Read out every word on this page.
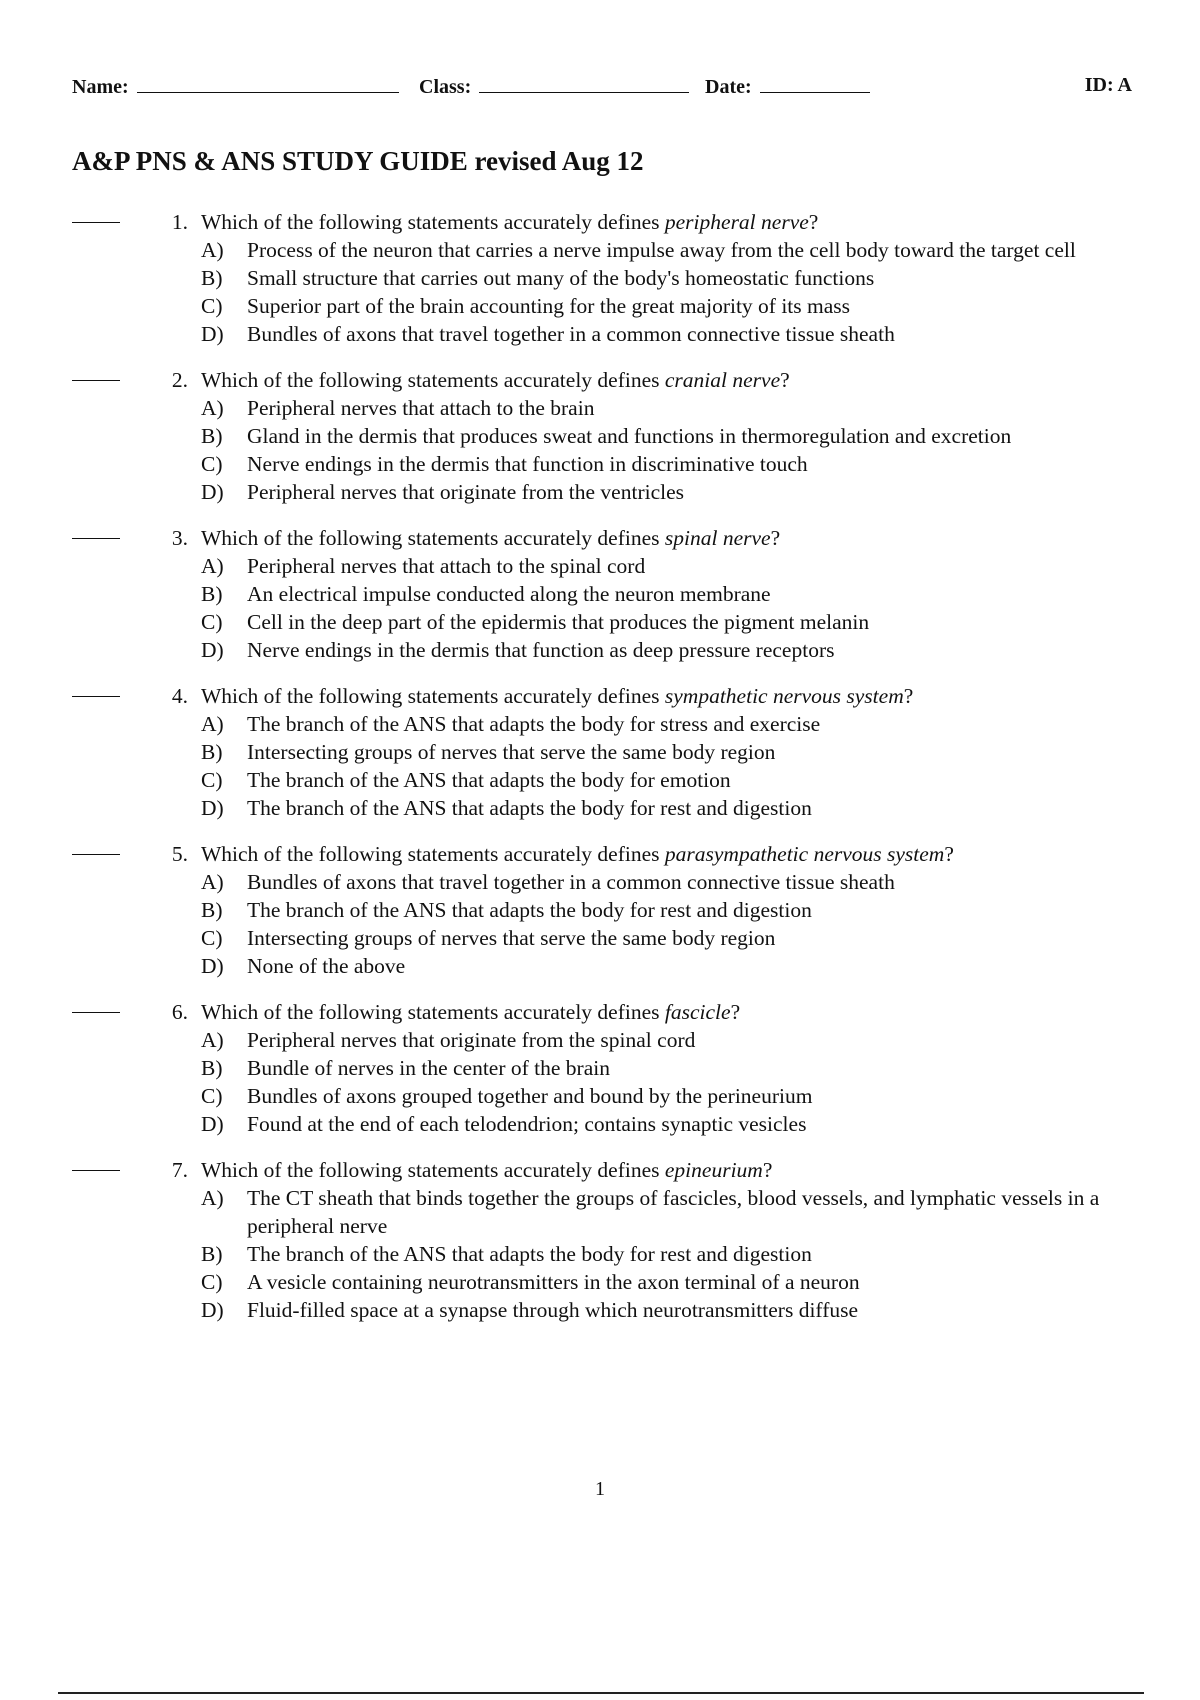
Name:	Class:	Date:	ID: A
A&P PNS & ANS STUDY GUIDE revised Aug 12
1. Which of the following statements accurately defines peripheral nerve?
A) Process of the neuron that carries a nerve impulse away from the cell body toward the target cell
B) Small structure that carries out many of the body's homeostatic functions
C) Superior part of the brain accounting for the great majority of its mass
D) Bundles of axons that travel together in a common connective tissue sheath
2. Which of the following statements accurately defines cranial nerve?
A) Peripheral nerves that attach to the brain
B) Gland in the dermis that produces sweat and functions in thermoregulation and excretion
C) Nerve endings in the dermis that function in discriminative touch
D) Peripheral nerves that originate from the ventricles
3. Which of the following statements accurately defines spinal nerve?
A) Peripheral nerves that attach to the spinal cord
B) An electrical impulse conducted along the neuron membrane
C) Cell in the deep part of the epidermis that produces the pigment melanin
D) Nerve endings in the dermis that function as deep pressure receptors
4. Which of the following statements accurately defines sympathetic nervous system?
A) The branch of the ANS that adapts the body for stress and exercise
B) Intersecting groups of nerves that serve the same body region
C) The branch of the ANS that adapts the body for emotion
D) The branch of the ANS that adapts the body for rest and digestion
5. Which of the following statements accurately defines parasympathetic nervous system?
A) Bundles of axons that travel together in a common connective tissue sheath
B) The branch of the ANS that adapts the body for rest and digestion
C) Intersecting groups of nerves that serve the same body region
D) None of the above
6. Which of the following statements accurately defines fascicle?
A) Peripheral nerves that originate from the spinal cord
B) Bundle of nerves in the center of the brain
C) Bundles of axons grouped together and bound by the perineurium
D) Found at the end of each telodendrion; contains synaptic vesicles
7. Which of the following statements accurately defines epineurium?
A) The CT sheath that binds together the groups of fascicles, blood vessels, and lymphatic vessels in a peripheral nerve
B) The branch of the ANS that adapts the body for rest and digestion
C) A vesicle containing neurotransmitters in the axon terminal of a neuron
D) Fluid-filled space at a synapse through which neurotransmitters diffuse
1
